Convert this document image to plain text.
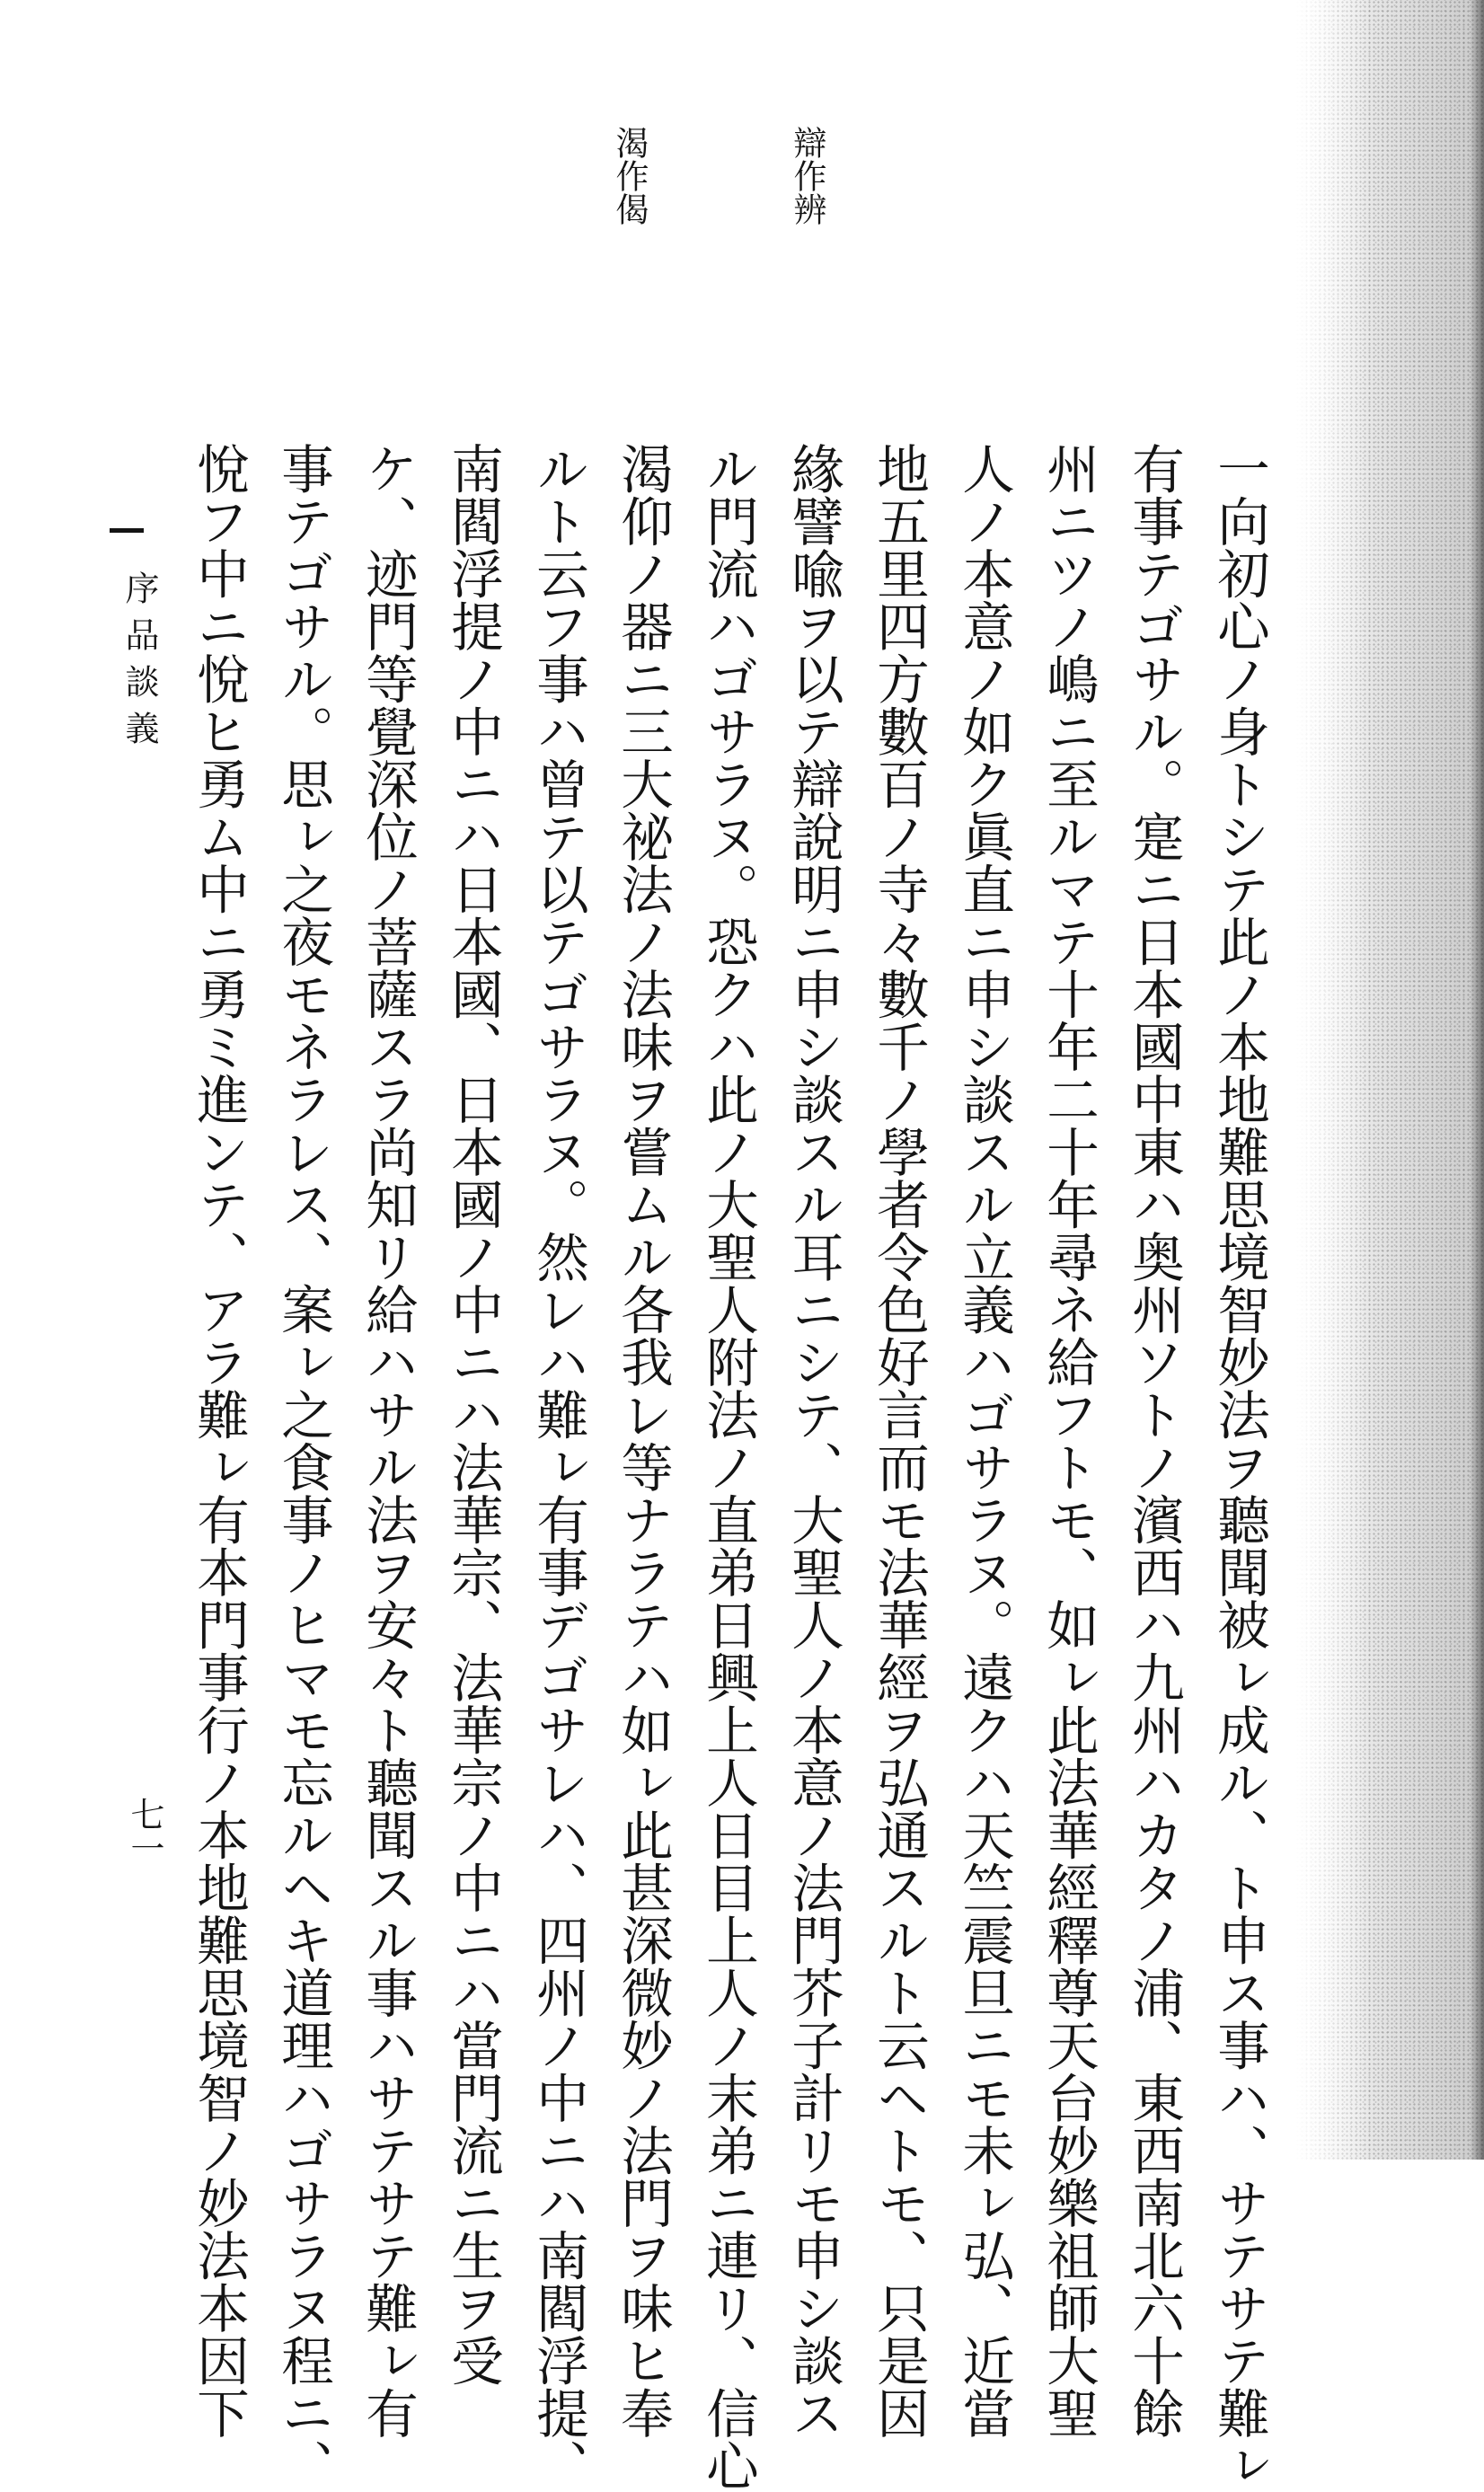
辯作辨
渴作偈
一向初心ノ身トシテ此ノ本地難思境智妙法ヲ聽聞被ㇾ成ル、ト申ス事ハ、サテサテ難ㇾ
有事テゴサル。寔ニ日本國中東ハ奥州ソトノ濱西ハ九州ハカタノ浦、東西南北六十餘
州ニツノ嶋ニ至ルマテ十年二十年尋ネ給フトモ、如ㇾ此法華經釋尊天台妙樂祖師大聖
人ノ本意ノ如ク眞直ニ申シ談スル立義ハゴサラヌ。遠クハ天竺震旦ニモ未ㇾ弘、近當
地五里四方數百ノ寺々數千ノ學者令色好言而モ法華經ヲ弘通スルト云ヘトモ、只是因
緣譬喩ヲ以テ辯說明ニ申シ談スル耳ニシテ、大聖人ノ本意ノ法門芥子計リモ申シ談ス
ル門流ハゴサラヌ。恐クハ此ノ大聖人附法ノ直弟日興上人日目上人ノ末弟ニ連リ、信心
渴仰ノ器ニ三大祕法ノ法味ヲ嘗ムル各我レ等ナラテハ如ㇾ此甚深微妙ノ法門ヲ味ヒ奉
ルト云フ事ハ曾テ以テゴサラヌ。然レハ難ㇾ有事デゴサレハ、四州ノ中ニハ南閻浮提、
南閻浮提ノ中ニハ日本國、日本國ノ中ニハ法華宗、法華宗ノ中ニハ當門流ニ生ヲ受
ケ、迹門等覺深位ノ菩薩スラ尚知リ給ハサル法ヲ安々ト聽聞スル事ハサテサテ難ㇾ有
事テゴサル。思ㇾ之夜モネラレス、案ㇾ之食事ノヒマモ忘ルヘキ道理ハゴサラヌ程ニ、
悅フ中ニ悅ヒ勇ム中ニ勇ミ進ンテ、アラ難ㇾ有本門事行ノ本地難思境智ノ妙法本因下
序品談義
七一
